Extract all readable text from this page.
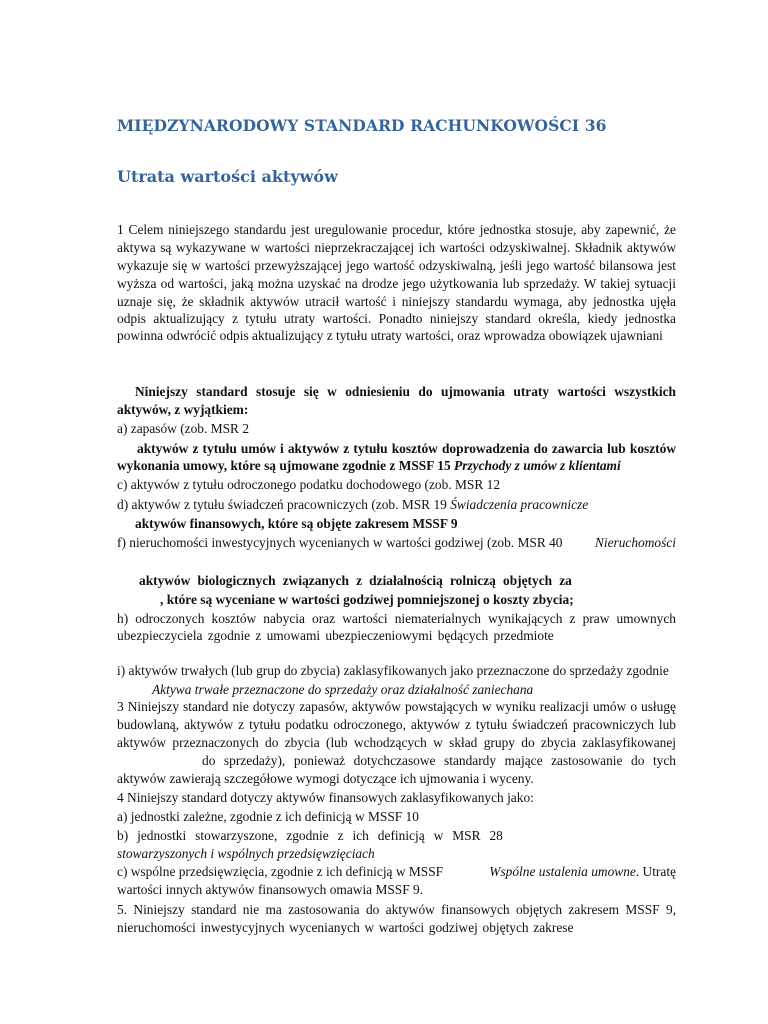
MIĘDZYNARODOWY STANDARD RACHUNKOWOŚCI 36
Utrata wartości aktywów

1 Celem niniejszego standardu jest uregulowanie procedur, które jednostka stosuje, aby zapewnić, że

aktywa są wykazywane w wartości nieprzekraczającej ich wartości odzyskiwalnej. Składnik aktywów

wykazuje się w wartości przewyższającej jego wartość odzyskiwalną, jeśli jego wartość bilansowa jest

wyższa od wartości, jaką można uzyskać na drodze jego użytkowania lub sprzedaży. W takiej sytuacji

uznaje się, że składnik aktywów utracił wartość i niniejszy standardu wymaga, aby jednostka ujęła

odpis aktualizujący z tytułu utraty wartości. Ponadto niniejszy standard określa, kiedy jednostka

powinna odwrócić odpis aktualizujący z tytułu utraty wartości, oraz wprowadza obowiązek ujawniani

Niniejszy standard stosuje się w odniesieniu do ujmowania utraty wartości wszystkich

aktywów, z wyjątkiem:

a) zapasów (zob. MSR 2

aktywów z tytułu umów i aktywów z tytułu kosztów doprowadzenia do zawarcia lub kosztów

wykonania umowy, które są ujmowane zgodnie z MSSF 15 Przychody z umów z klientami

c) aktywów z tytułu odroczonego podatku dochodowego (zob. MSR 12

d) aktywów z tytułu świadczeń pracowniczych (zob. MSR 19 Świadczenia pracownicze

aktywów finansowych, które są objęte zakresem MSSF 9

f) nieruchomości inwestycyjnych wycenianych w wartości godziwej (zob. MSR 40 Nieruchomości

aktywów biologicznych związanych z działalnością rolniczą objętych za

, które są wyceniane w wartości godziwej pomniejszonej o koszty zbycia;

h) odroczonych kosztów nabycia oraz wartości niematerialnych wynikających z praw umownych

ubezpieczyciela zgodnie z umowami ubezpieczeniowymi będących przedmiote

i) aktywów trwałych (lub grup do zbycia) zaklasyfikowanych jako przeznaczone do sprzedaży zgodnie

Aktywa trwałe przeznaczone do sprzedaży oraz działalność zaniechana

3 Niniejszy standard nie dotyczy zapasów, aktywów powstających w wyniku realizacji umów o usługę

budowlaną, aktywów z tytułu podatku odroczonego, aktywów z tytułu świadczeń pracowniczych lub

aktywów przeznaczonych do zbycia (lub wchodzących w skład grupy do zbycia zaklasyfikowanej

do sprzedaży), ponieważ dotychczasowe standardy mające zastosowanie do tych

aktywów zawierają szczegółowe wymogi dotyczące ich ujmowania i wyceny.

4 Niniejszy standard dotyczy aktywów finansowych zaklasyfikowanych jako:

a) jednostki zależne, zgodnie z ich definicją w MSSF 10

b) jednostki stowarzyszone, zgodnie z ich definicją w MSR 28

stowarzyszonych i wspólnych przedsięwzięciach

c) wspólne przedsięwzięcia, zgodnie z ich definicją w MSSF	Wspólne ustalenia umowne. Utratę

wartości innych aktywów finansowych omawia MSSF 9.

5. Niniejszy standard nie ma zastosowania do aktywów finansowych objętych zakresem MSSF 9,

nieruchomości inwestycyjnych wycenianych w wartości godziwej objętych zakrese
